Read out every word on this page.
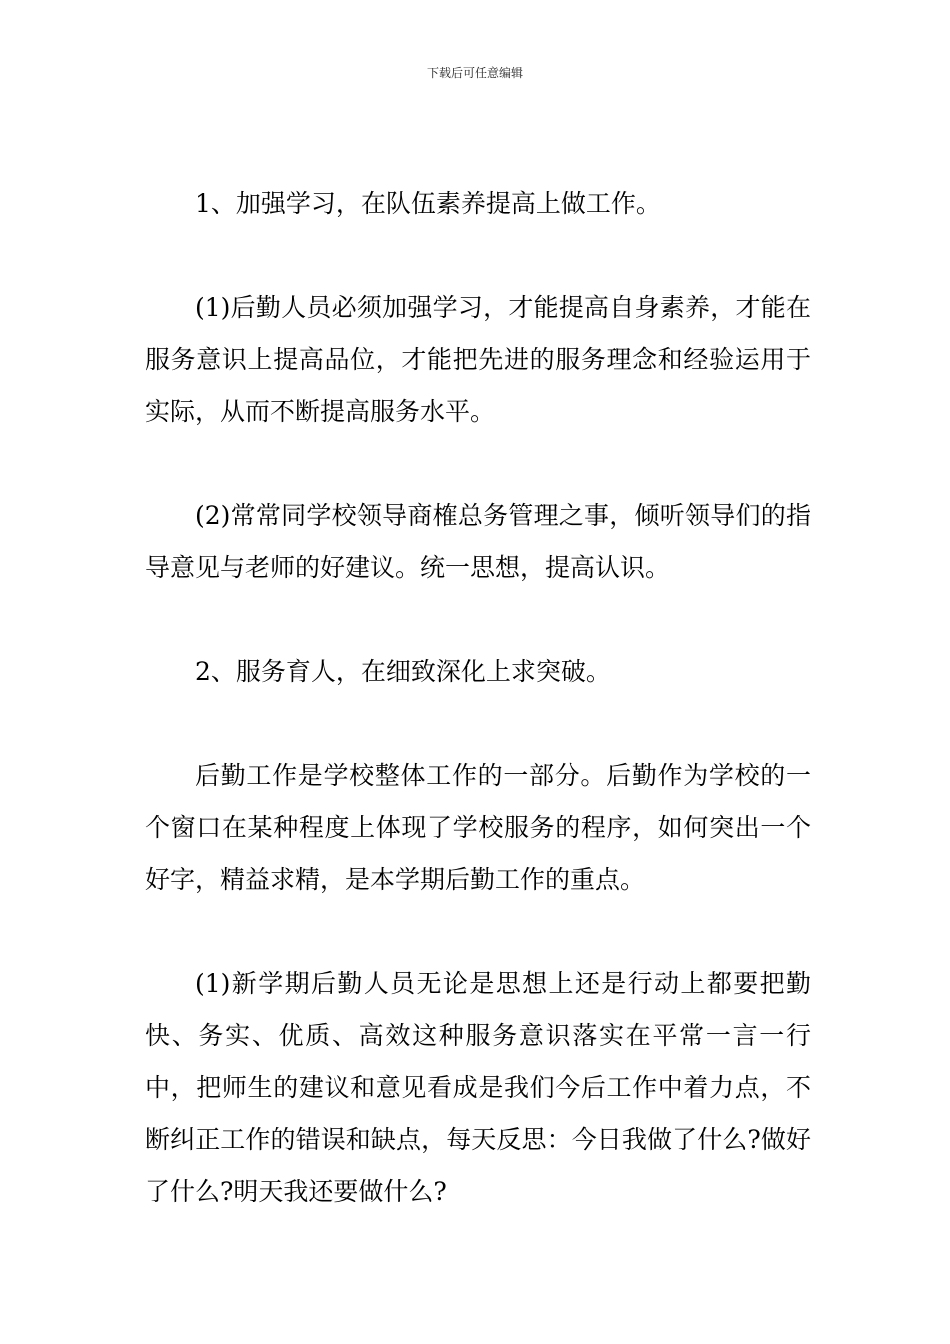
下载后可任意编辑

1、加强学习，在队伍素养提高上做工作。

(1)后勤人员必须加强学习，才能提高自身素养，才能在服务意识上提高品位，才能把先进的服务理念和经验运用于实际，从而不断提高服务水平。

(2)常常同学校领导商榷总务管理之事，倾听领导们的指导意见与老师的好建议。统一思想，提高认识。

2、服务育人，在细致深化上求突破。

后勤工作是学校整体工作的一部分。后勤作为学校的一个窗口在某种程度上体现了学校服务的程序，如何突出一个好字，精益求精，是本学期后勤工作的重点。

(1)新学期后勤人员无论是思想上还是行动上都要把勤快、务实、优质、高效这种服务意识落实在平常一言一行中，把师生的建议和意见看成是我们今后工作中着力点，不断纠正工作的错误和缺点，每天反思：今日我做了什么?做好了什么?明天我还要做什么?
